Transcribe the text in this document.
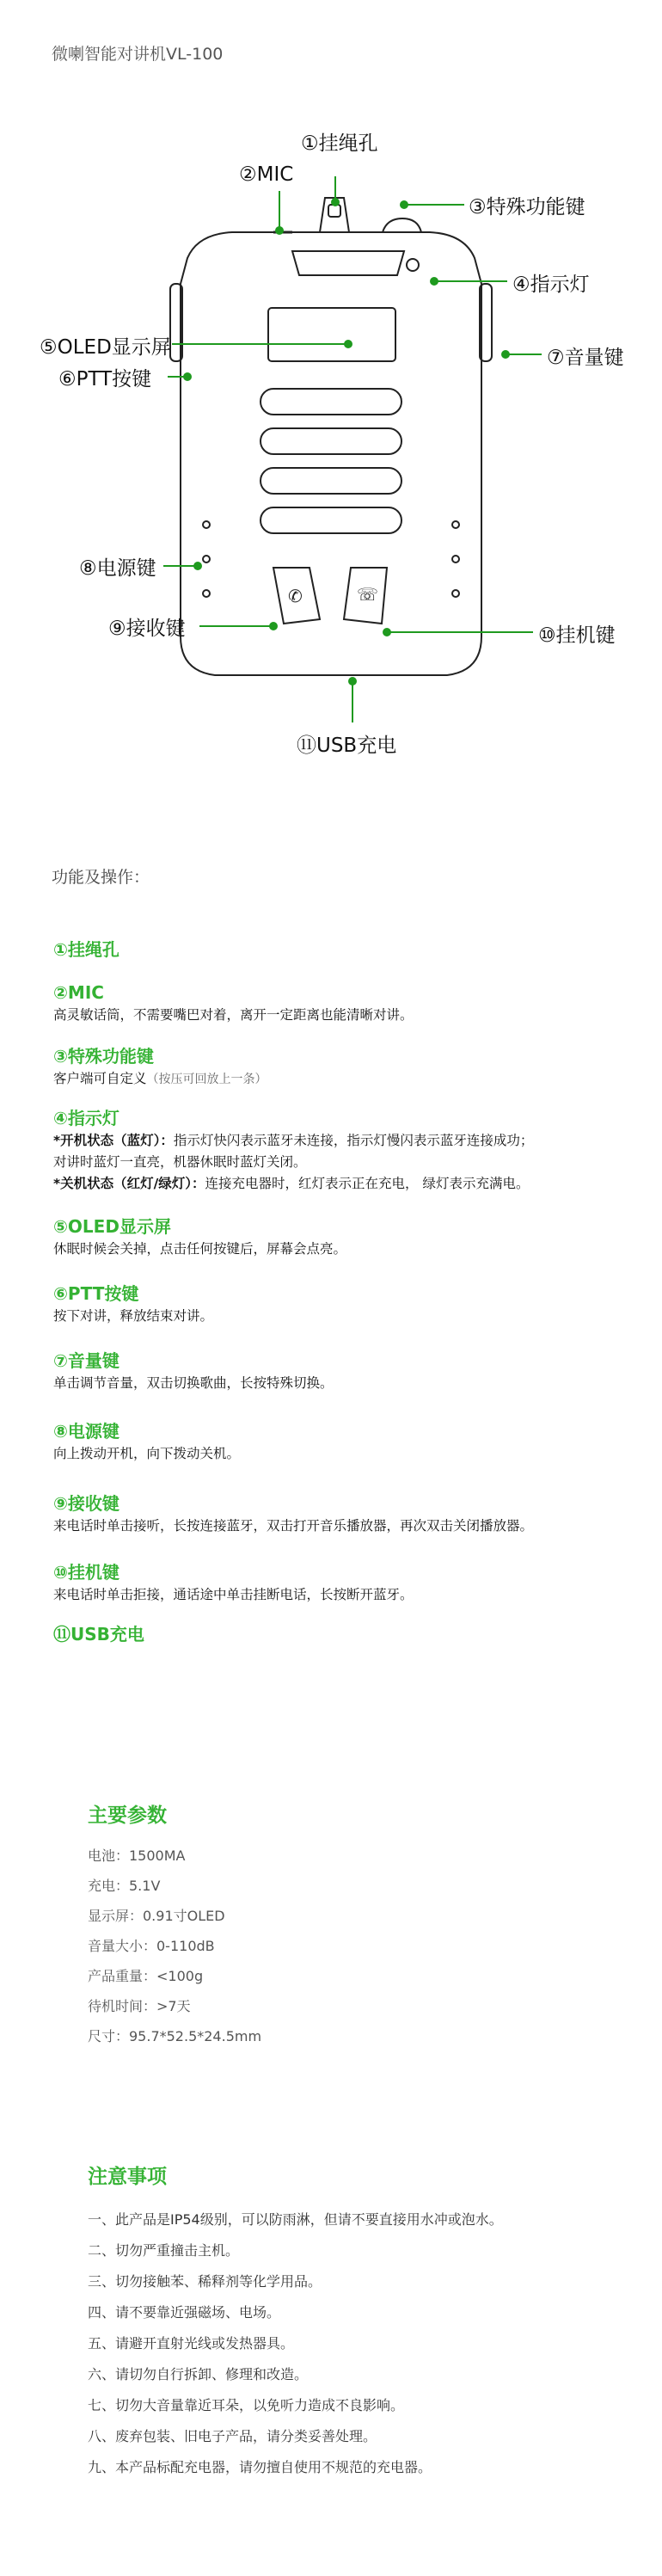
微喇智能对讲机VL-100
✆	☏
①挂绳孔
②MIC
③特殊功能键
④指示灯
⑤OLED显示屏
⑥PTT按键
⑦音量键
⑧电源键
⑨接收键	⑩挂机键
⑪USB充电
功能及操作：
①挂绳孔
②MIC
高灵敏话筒，不需要嘴巴对着，离开一定距离也能清晰对讲。
③特殊功能键
客户端可自定义（按压可回放上一条）
④指示灯
*开机状态（蓝灯）：指示灯快闪表示蓝牙未连接，指示灯慢闪表示蓝牙连接成功；
对讲时蓝灯一直亮，机器休眠时蓝灯关闭。
*关机状态（红灯/绿灯）：连接充电器时，红灯表示正在充电， 绿灯表示充满电。
⑤OLED显示屏
休眠时候会关掉，点击任何按键后，屏幕会点亮。
⑥PTT按键
按下对讲，释放结束对讲。
⑦音量键
单击调节音量，双击切换歌曲，长按特殊切换。
⑧电源键
向上拨动开机，向下拨动关机。
⑨接收键
来电话时单击接听，长按连接蓝牙，双击打开音乐播放器，再次双击关闭播放器。
⑩挂机键
来电话时单击拒接，通话途中单击挂断电话，长按断开蓝牙。
⑪USB充电
主要参数
电池：1500MA
充电：5.1V
显示屏：0.91寸OLED
音量大小：0-110dB
产品重量：<100g
待机时间：>7天
尺寸：95.7*52.5*24.5mm
注意事项
一、此产品是IP54级别，可以防雨淋，但请不要直接用水冲或泡水。
二、切勿严重撞击主机。
三、切勿接触苯、稀释剂等化学用品。
四、请不要靠近强磁场、电场。
五、请避开直射光线或发热器具。
六、请切勿自行拆卸、修理和改造。
七、切勿大音量靠近耳朵，以免听力造成不良影响。
八、废弃包装、旧电子产品，请分类妥善处理。
九、本产品标配充电器，请勿擅自使用不规范的充电器。
